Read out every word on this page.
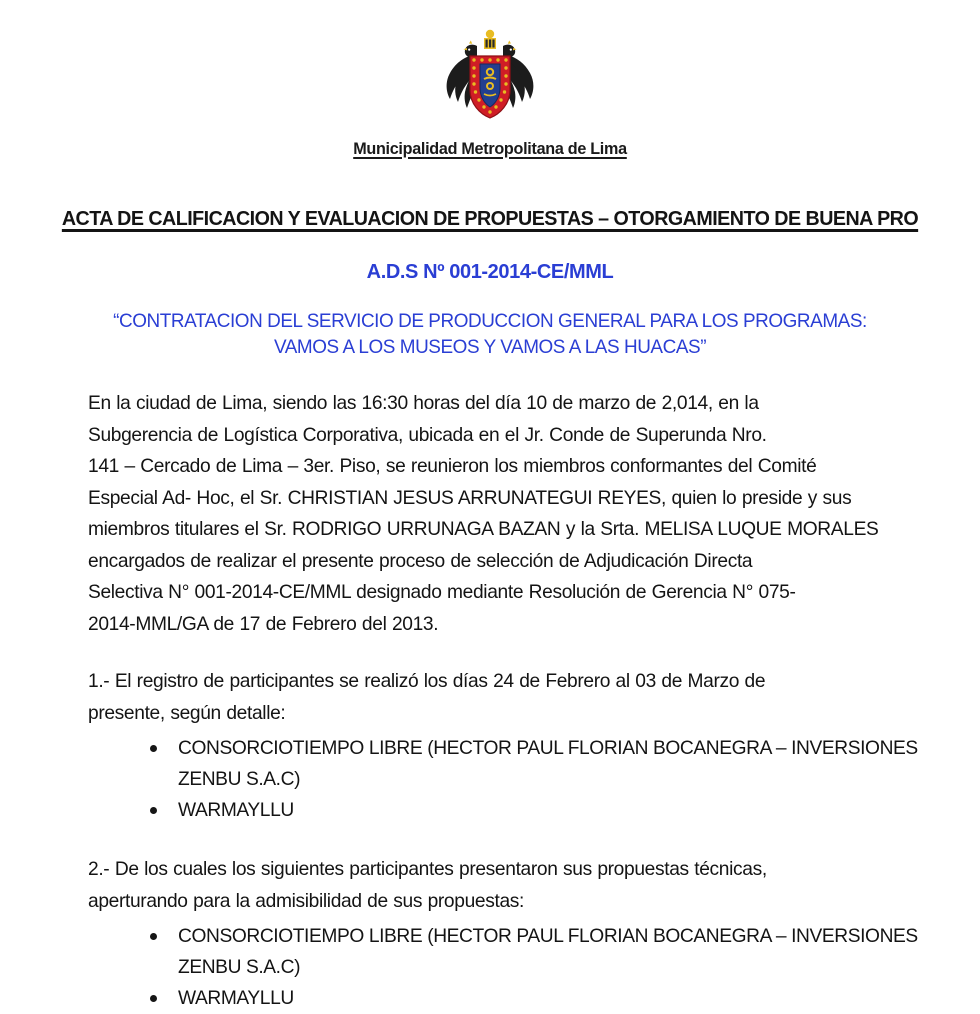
Municipalidad Metropolitana de Lima
ACTA DE CALIFICACION Y EVALUACION DE PROPUESTAS – OTORGAMIENTO DE BUENA PRO
A.D.S Nº 001-2014-CE/MML
“CONTRATACION DEL SERVICIO DE PRODUCCION GENERAL PARA LOS PROGRAMAS:
VAMOS A LOS MUSEOS Y VAMOS A LAS HUACAS”
En la ciudad de Lima, siendo las 16:30 horas del día 10 de marzo de 2,014, en la
Subgerencia de Logística Corporativa, ubicada en el Jr. Conde de Superunda Nro.
141 – Cercado de Lima – 3er. Piso, se reunieron los miembros conformantes del Comité
Especial Ad- Hoc, el Sr. CHRISTIAN JESUS ARRUNATEGUI REYES, quien lo preside y sus
miembros titulares el Sr. RODRIGO URRUNAGA BAZAN y la Srta. MELISA LUQUE MORALES
encargados de realizar el presente proceso de selección de Adjudicación Directa
Selectiva N° 001-2014-CE/MML designado mediante Resolución de Gerencia N° 075-
2014-MML/GA de 17 de Febrero del 2013.
1.- El registro de participantes se realizó los días 24 de Febrero al 03 de Marzo de
presente, según detalle:
CONSORCIOTIEMPO LIBRE (HECTOR PAUL FLORIAN BOCANEGRA – INVERSIONES
ZENBU S.A.C)
WARMAYLLU
2.- De los cuales los siguientes participantes presentaron sus propuestas técnicas,
aperturando para la admisibilidad de sus propuestas:
CONSORCIOTIEMPO LIBRE (HECTOR PAUL FLORIAN BOCANEGRA – INVERSIONES
ZENBU S.A.C)
WARMAYLLU
